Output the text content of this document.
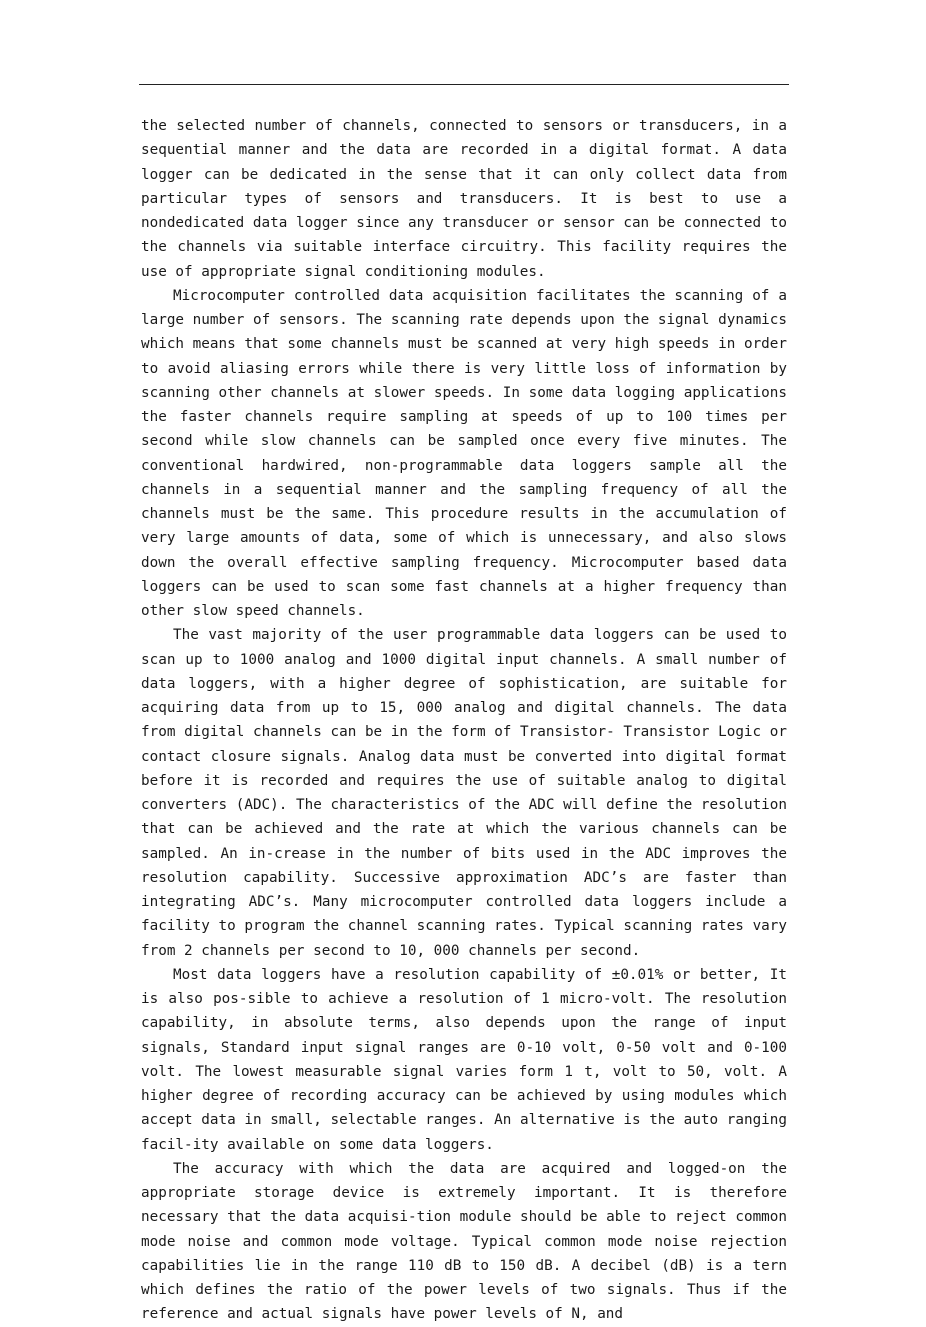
the selected number of channels, connected to sensors or transducers, in a sequential manner and the data are recorded in a digital format. A data logger can be dedicated in the sense that it can only collect data from particular types of sensors and transducers. It is best to use a nondedicated data logger since any transducer or sensor can be connected to the channels via suitable interface circuitry. This facility requires the use of appropriate signal conditioning modules.

Microcomputer controlled data acquisition facilitates the scanning of a large number of sensors. The scanning rate depends upon the signal dynamics which means that some channels must be scanned at very high speeds in order to avoid aliasing errors while there is very little loss of information by scanning other channels at slower speeds. In some data logging applications the faster channels require sampling at speeds of up to 100 times per second while slow channels can be sampled once every five minutes. The conventional hardwired, non-programmable data loggers sample all the channels in a sequential manner and the sampling frequency of all the channels must be the same. This procedure results in the accumulation of very large amounts of data, some of which is unnecessary, and also slows down the overall effective sampling frequency. Microcomputer based data loggers can be used to scan some fast channels at a higher frequency than other slow speed channels.

The vast majority of the user programmable data loggers can be used to scan up to 1000 analog and 1000 digital input channels. A small number of data loggers, with a higher degree of sophistication, are suitable for acquiring data from up to 15, 000 analog and digital channels. The data from digital channels can be in the form of Transistor- Transistor Logic or contact closure signals. Analog data must be converted into digital format before it is recorded and requires the use of suitable analog to digital converters (ADC). The characteristics of the ADC will define the resolution that can be achieved and the rate at which the various channels can be sampled. An in-crease in the number of bits used in the ADC improves the resolution capability. Successive approximation ADC’s are faster than integrating ADC’s. Many microcomputer controlled data loggers include a facility to program the channel scanning rates. Typical scanning rates vary from 2 channels per second to 10, 000 channels per second.

Most data loggers have a resolution capability of ±0.01% or better, It is also pos-sible to achieve a resolution of 1 micro-volt. The resolution capability, in absolute terms, also depends upon the range of input signals, Standard input signal ranges are 0-10 volt, 0-50 volt and 0-100 volt. The lowest measurable signal varies form 1 t, volt to 50, volt. A higher degree of recording accuracy can be achieved by using modules which accept data in small, selectable ranges. An alternative is the auto ranging facil-ity available on some data loggers.

The accuracy with which the data are acquired and logged-on the appropriate storage device is extremely important. It is therefore necessary that the data acquisi-tion module should be able to reject common mode noise and common mode voltage. Typical common mode noise rejection capabilities lie in the range 110 dB to 150 dB. A decibel (dB) is a tern which defines the ratio of the power levels of two signals. Thus if the reference and actual signals have power levels of N, and
